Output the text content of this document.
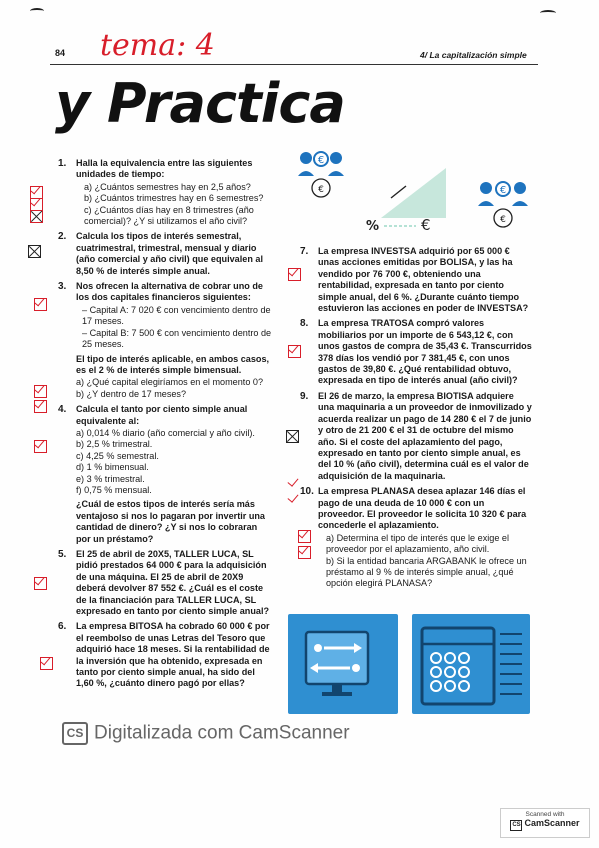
84 tema: 4	4/ La capitalización simple
y Practica
1. Halla la equivalencia entre las siguientes unidades de tiempo:

a) ¿Cuántos semestres hay en 2,5 años?
b) ¿Cuántos trimestres hay en 6 semestres?
c) ¿Cuántos días hay en 8 trimestres (año comercial)? ¿Y si utilizamos el año civil?
2. Calcula los tipos de interés semestral, cuatrimestral, trimestral, mensual y diario (año comercial y año civil) que equivalen al 8,50 % de interés simple anual.

3. Nos ofrecen la alternativa de cobrar uno de los dos capitales financieros siguientes:

– Capital A: 7 020 € con vencimiento dentro de 17 meses.
– Capital B: 7 500 € con vencimiento dentro de 25 meses.

El tipo de interés aplicable, en ambos casos, es el 2 % de interés simple bimensual.

a) ¿Qué capital elegiríamos en el momento 0?
b) ¿Y dentro de 17 meses?
4. Calcula el tanto por ciento simple anual equivalente al:

a) 0,014 % diario (año comercial y año civil).
b) 2,5 % trimestral.
c) 4,25 % semestral.
d) 1 % bimensual.
e) 3 % trimestral.
f) 0,75 % mensual.

¿Cuál de estos tipos de interés sería más ventajoso si nos lo pagaran por invertir una cantidad de dinero? ¿Y si nos lo cobraran por un préstamo?

5. El 25 de abril de 20X5, TALLER LUCA, SL pidió prestados 64 000 € para la adquisición de una máquina. El 25 de abril de 20X9 deberá devolver 87 552 €. ¿Cuál es el coste de la financiación para TALLER LUCA, SL expresado en tanto por ciento simple anual?

6. La empresa BITOSA ha cobrado 60 000 € por el reembolso de unas Letras del Tesoro que adquirió hace 18 meses. Si la rentabilidad de la inversión que ha obtenido, expresada en tanto por ciento simple anual, ha sido del 1,60 %, ¿cuánto dinero pagó por ellas?

7. La empresa INVESTSA adquirió por 65 000 € unas acciones emitidas por BOLISA, y las ha vendido por 76 700 €, obteniendo una rentabilidad, expresada en tanto por ciento simple anual, del 6 %. ¿Durante cuánto tiempo estuvieron las acciones en poder de INVESTSA?

8. La empresa TRATOSA compró valores mobiliarios por un importe de 6 543,12 €, con unos gastos de compra de 35,43 €. Transcurridos 378 días los vendió por 7 381,45 €, con unos gastos de 39,80 €. ¿Qué rentabilidad obtuvo, expresada en tipo de interés anual (año civil)?

9. El 26 de marzo, la empresa BIOTISA adquiere una maquinaria a un proveedor de inmovilizado y acuerda realizar un pago de 14 280 € el 7 de junio y otro de 21 200 € el 31 de octubre del mismo año. Si el coste del aplazamiento del pago, expresado en tanto por ciento simple anual, es del 10 % (año civil), determina cuál es el valor de adquisición de la maquinaria.

10. La empresa PLANASA desea aplazar 146 días el pago de una deuda de 10 000 € con un proveedor. El proveedor le solicita 10 320 € para concederle el aplazamiento.

a) Determina el tipo de interés que le exige el proveedor por el aplazamiento, año civil.
b) Si la entidad bancaria ARGABANK le ofrece un préstamo al 9 % de interés simple anual, ¿qué opción elegirá PLANASA?
€
€
%	€
€
€
CS Digitalizada com CamScanner
Scanned with
CS CamScanner
